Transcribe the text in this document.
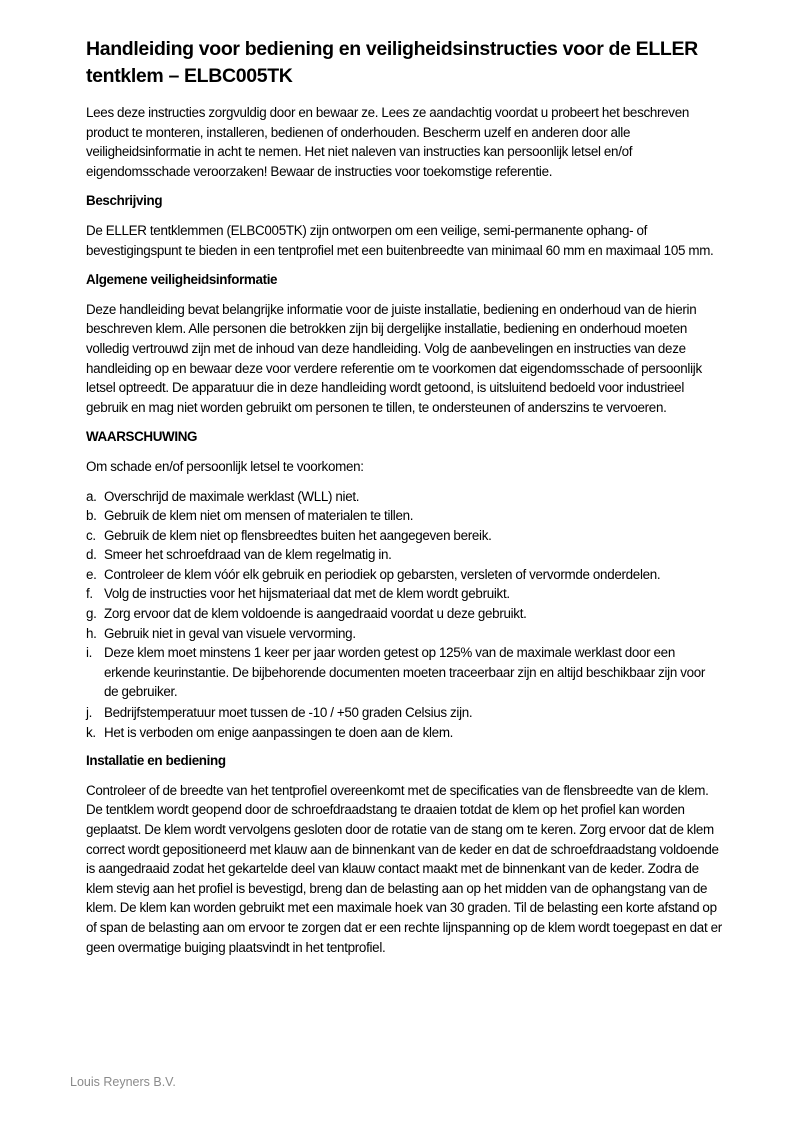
Handleiding voor bediening en veiligheidsinstructies voor de ELLER tentklem – ELBC005TK

Lees deze instructies zorgvuldig door en bewaar ze. Lees ze aandachtig voordat u probeert het beschreven product te monteren, installeren, bedienen of onderhouden. Bescherm uzelf en anderen door alle veiligheidsinformatie in acht te nemen. Het niet naleven van instructies kan persoonlijk letsel en/of eigendomsschade veroorzaken! Bewaar de instructies voor toekomstige referentie.

Beschrijving

De ELLER tentklemmen (ELBC005TK) zijn ontworpen om een veilige, semi-permanente ophang- of bevestigingspunt te bieden in een tentprofiel met een buitenbreedte van minimaal 60 mm en maximaal 105 mm.

Algemene veiligheidsinformatie

Deze handleiding bevat belangrijke informatie voor de juiste installatie, bediening en onderhoud van de hierin beschreven klem. Alle personen die betrokken zijn bij dergelijke installatie, bediening en onderhoud moeten volledig vertrouwd zijn met de inhoud van deze handleiding. Volg de aanbevelingen en instructies van deze handleiding op en bewaar deze voor verdere referentie om te voorkomen dat eigendomsschade of persoonlijk letsel optreedt. De apparatuur die in deze handleiding wordt getoond, is uitsluitend bedoeld voor industrieel gebruik en mag niet worden gebruikt om personen te tillen, te ondersteunen of anderszins te vervoeren.

WAARSCHUWING

Om schade en/of persoonlijk letsel te voorkomen:

a. Overschrijd de maximale werklast (WLL) niet.
b. Gebruik de klem niet om mensen of materialen te tillen.
c. Gebruik de klem niet op flensbreedtes buiten het aangegeven bereik.
d. Smeer het schroefdraad van de klem regelmatig in.
e. Controleer de klem vóór elk gebruik en periodiek op gebarsten, versleten of vervormde onderdelen.
f. Volg de instructies voor het hijsmateriaal dat met de klem wordt gebruikt.
g. Zorg ervoor dat de klem voldoende is aangedraaid voordat u deze gebruikt.
h. Gebruik niet in geval van visuele vervorming.
i. Deze klem moet minstens 1 keer per jaar worden getest op 125% van de maximale werklast door een erkende keurinstantie. De bijbehorende documenten moeten traceerbaar zijn en altijd beschikbaar zijn voor de gebruiker.
j. Bedrijfstemperatuur moet tussen de -10 / +50 graden Celsius zijn.
k. Het is verboden om enige aanpassingen te doen aan de klem.
Installatie en bediening

Controleer of de breedte van het tentprofiel overeenkomt met de specificaties van de flensbreedte van de klem. De tentklem wordt geopend door de schroefdraadstang te draaien totdat de klem op het profiel kan worden geplaatst. De klem wordt vervolgens gesloten door de rotatie van de stang om te keren. Zorg ervoor dat de klem correct wordt gepositioneerd met klauw aan de binnenkant van de keder en dat de schroefdraadstang voldoende is aangedraaid zodat het gekartelde deel van klauw contact maakt met de binnenkant van de keder. Zodra de klem stevig aan het profiel is bevestigd, breng dan de belasting aan op het midden van de ophangstang van de klem. De klem kan worden gebruikt met een maximale hoek van 30 graden. Til de belasting een korte afstand op of span de belasting aan om ervoor te zorgen dat er een rechte lijnspanning op de klem wordt toegepast en dat er geen overmatige buiging plaatsvindt in het tentprofiel.

Louis Reyners B.V.
